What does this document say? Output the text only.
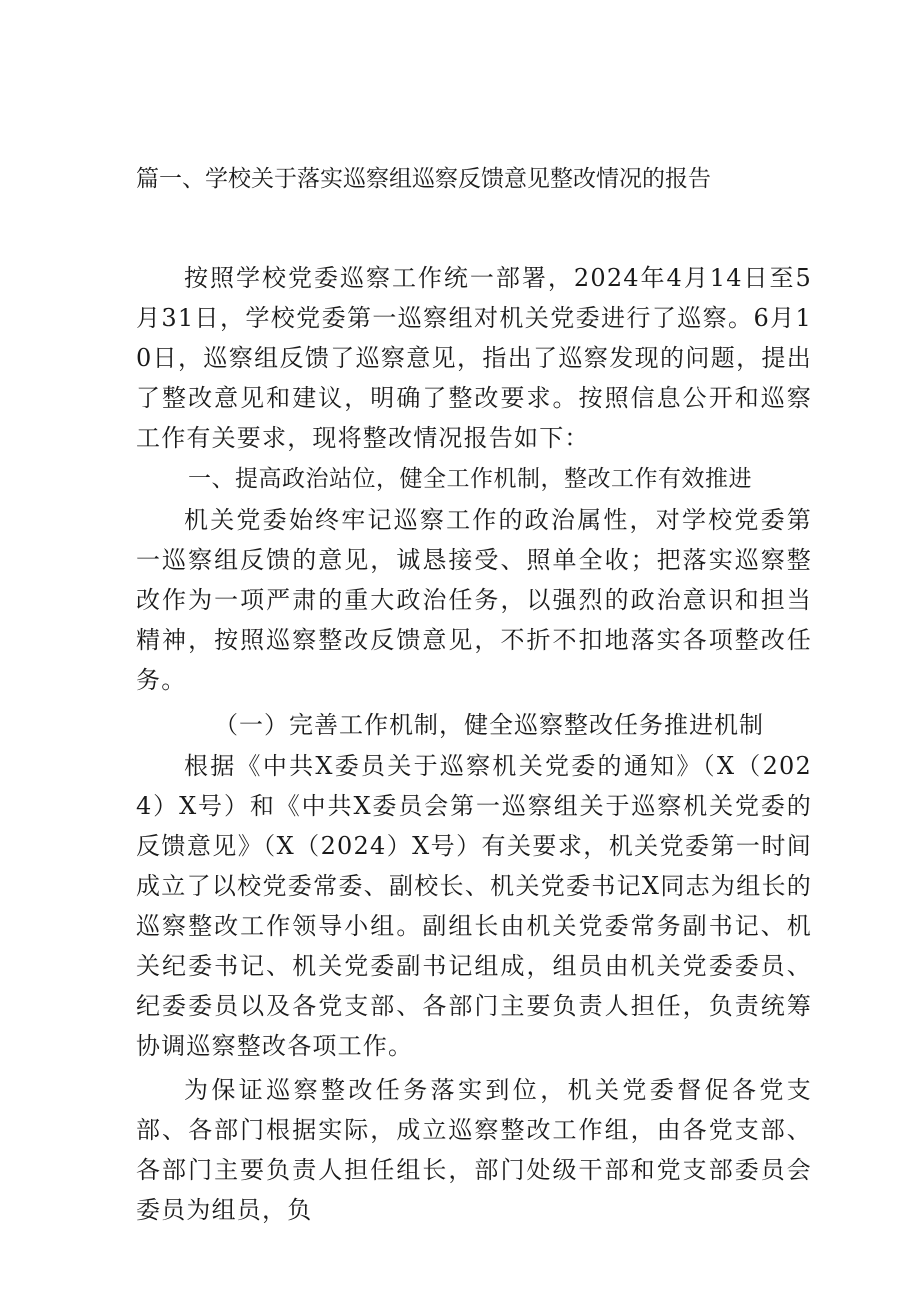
篇一、学校关于落实巡察组巡察反馈意见整改情况的报告

按照学校党委巡察工作统一部署，2024年4月14日至5月31日，学校党委第一巡察组对机关党委进行了巡察。6月10日，巡察组反馈了巡察意见，指出了巡察发现的问题，提出了整改意见和建议，明确了整改要求。按照信息公开和巡察工作有关要求，现将整改情况报告如下：

一、提高政治站位，健全工作机制，整改工作有效推进

机关党委始终牢记巡察工作的政治属性，对学校党委第一巡察组反馈的意见，诚恳接受、照单全收；把落实巡察整改作为一项严肃的重大政治任务，以强烈的政治意识和担当精神，按照巡察整改反馈意见，不折不扣地落实各项整改任务。

（一）完善工作机制，健全巡察整改任务推进机制

根据《中共X委员关于巡察机关党委的通知》（X（2024）X号）和《中共X委员会第一巡察组关于巡察机关党委的反馈意见》（X（2024）X号）有关要求，机关党委第一时间成立了以校党委常委、副校长、机关党委书记X同志为组长的巡察整改工作领导小组。副组长由机关党委常务副书记、机关纪委书记、机关党委副书记组成，组员由机关党委委员、纪委委员以及各党支部、各部门主要负责人担任，负责统筹协调巡察整改各项工作。

为保证巡察整改任务落实到位，机关党委督促各党支部、各部门根据实际，成立巡察整改工作组，由各党支部、各部门主要负责人担任组长，部门处级干部和党支部委员会委员为组员，负
